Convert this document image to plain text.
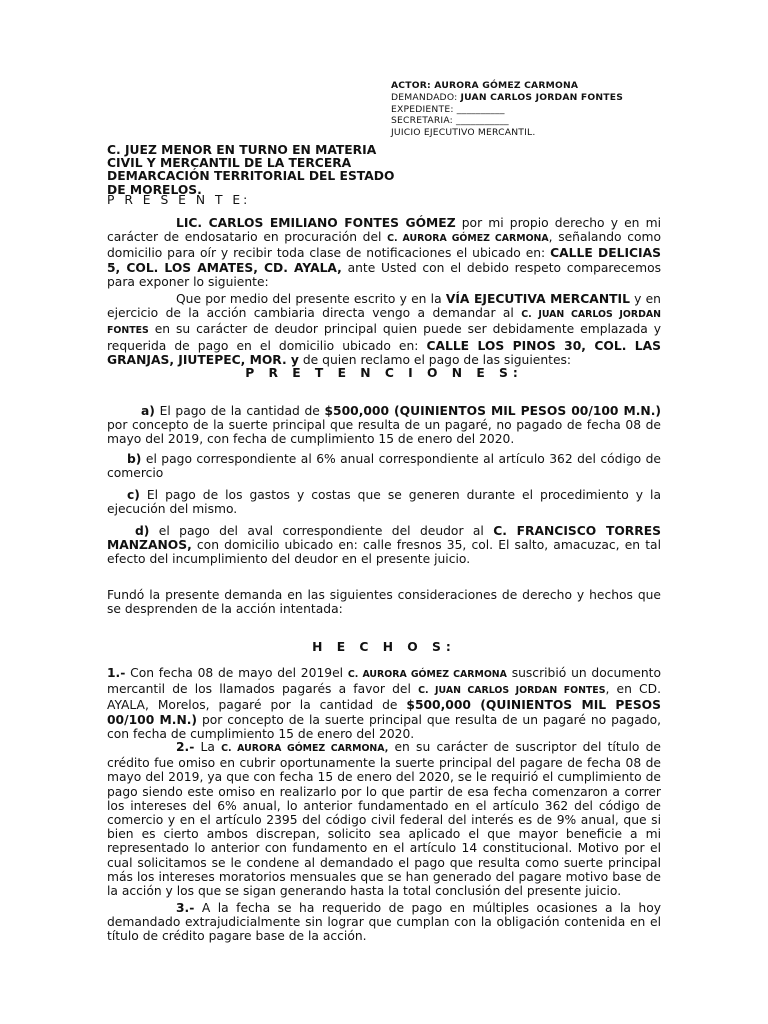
ACTOR: AURORA GÓMEZ CARMONA
DEMANDADO: JUAN CARLOS JORDAN FONTES
EXPEDIENTE: __________
SECRETARIA: ___________
JUICIO EJECUTIVO MERCANTIL.
C. JUEZ MENOR EN TURNO EN MATERIA
CIVIL Y MERCANTIL DE LA TERCERA
DEMARCACIÓN TERRITORIAL DEL ESTADO
DE MORELOS.
P R E S E N T E:
LIC. CARLOS EMILIANO FONTES GÓMEZ por mi propio derecho y en mi carácter de endosatario en procuración del C. AURORA GÓMEZ CARMONA, señalando como domicilio para oír y recibir toda clase de notificaciones el ubicado en: CALLE DELICIAS 5, COL. LOS AMATES, CD. AYALA, ante Usted con el debido respeto comparecemos para exponer lo siguiente:
Que por medio del presente escrito y en la VÍA EJECUTIVA MERCANTIL y en ejercicio de la acción cambiaria directa vengo a demandar al C. JUAN CARLOS JORDAN FONTES en su carácter de deudor principal quien puede ser debidamente emplazada y requerida de pago en el domicilio ubicado en: CALLE LOS PINOS 30, COL. LAS GRANJAS, JIUTEPEC, MOR. y de quien reclamo el pago de las siguientes:
P R E T E N C I O N E S:
a) El pago de la cantidad de $500,000 (QUINIENTOS MIL PESOS 00/100 M.N.) por concepto de la suerte principal que resulta de un pagaré, no pagado de fecha 08 de mayo del 2019, con fecha de cumplimiento 15 de enero del 2020.
b) el pago correspondiente al 6% anual correspondiente al artículo 362 del código de comercio
c) El pago de los gastos y costas que se generen durante el procedimiento y la ejecución del mismo.
d) el pago del aval correspondiente del deudor al C. FRANCISCO TORRES MANZANOS, con domicilio ubicado en: calle fresnos 35, col. El salto, amacuzac, en tal efecto del incumplimiento del deudor en el presente juicio.
Fundó la presente demanda en las siguientes consideraciones de derecho y hechos que se desprenden de la acción intentada:
H E C H O S:
1.- Con fecha 08 de mayo del 2019el C. AURORA GÓMEZ CARMONA suscribió un documento mercantil de los llamados pagarés a favor del C. JUAN CARLOS JORDAN FONTES, en CD. AYALA, Morelos, pagaré por la cantidad de $500,000 (QUINIENTOS MIL PESOS 00/100 M.N.) por concepto de la suerte principal que resulta de un pagaré no pagado, con fecha de cumplimiento 15 de enero del 2020.
2.- La C. AURORA GÓMEZ CARMONA, en su carácter de suscriptor del título de crédito fue omiso en cubrir oportunamente la suerte principal del pagare de fecha 08 de mayo del 2019, ya que con fecha 15 de enero del 2020, se le requirió el cumplimiento de pago siendo este omiso en realizarlo por lo que partir de esa fecha comenzaron a correr los intereses del 6% anual, lo anterior fundamentado en el artículo 362 del código de comercio y en el artículo 2395 del código civil federal del interés es de 9% anual, que si bien es cierto ambos discrepan, solicito sea aplicado el que mayor beneficie a mi representado lo anterior con fundamento en el artículo 14 constitucional. Motivo por el cual solicitamos se le condene al demandado el pago que resulta como suerte principal más los intereses moratorios mensuales que se han generado del pagare motivo base de la acción y los que se sigan generando hasta la total conclusión del presente juicio.
3.- A la fecha se ha requerido de pago en múltiples ocasiones a la hoy demandado extrajudicialmente sin lograr que cumplan con la obligación contenida en el título de crédito pagare base de la acción.
